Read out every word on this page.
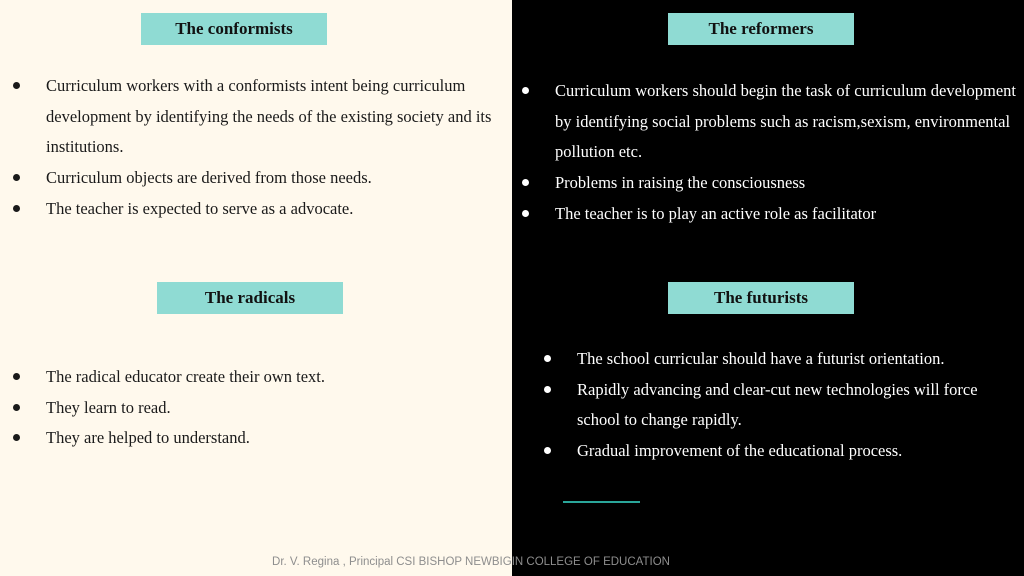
The conformists
Curriculum workers with a conformists intent being curriculum development by identifying the needs of the existing society and its institutions.
Curriculum objects are derived from those needs.
The teacher is expected to serve as a advocate.
The reformers
Curriculum workers should begin the task of curriculum development by identifying social problems such as racism,sexism, environmental pollution etc.
Problems in raising the consciousness
The teacher is to play an active role as facilitator
The radicals
The radical educator create their own text.
They learn to read.
They are helped to understand.
The futurists
The school curricular should have a futurist orientation.
Rapidly advancing and clear-cut new technologies will force school to change rapidly.
Gradual improvement of the educational process.
Dr. V. Regina , Principal CSI BISHOP NEWBIGIN COLLEGE OF EDUCATION
